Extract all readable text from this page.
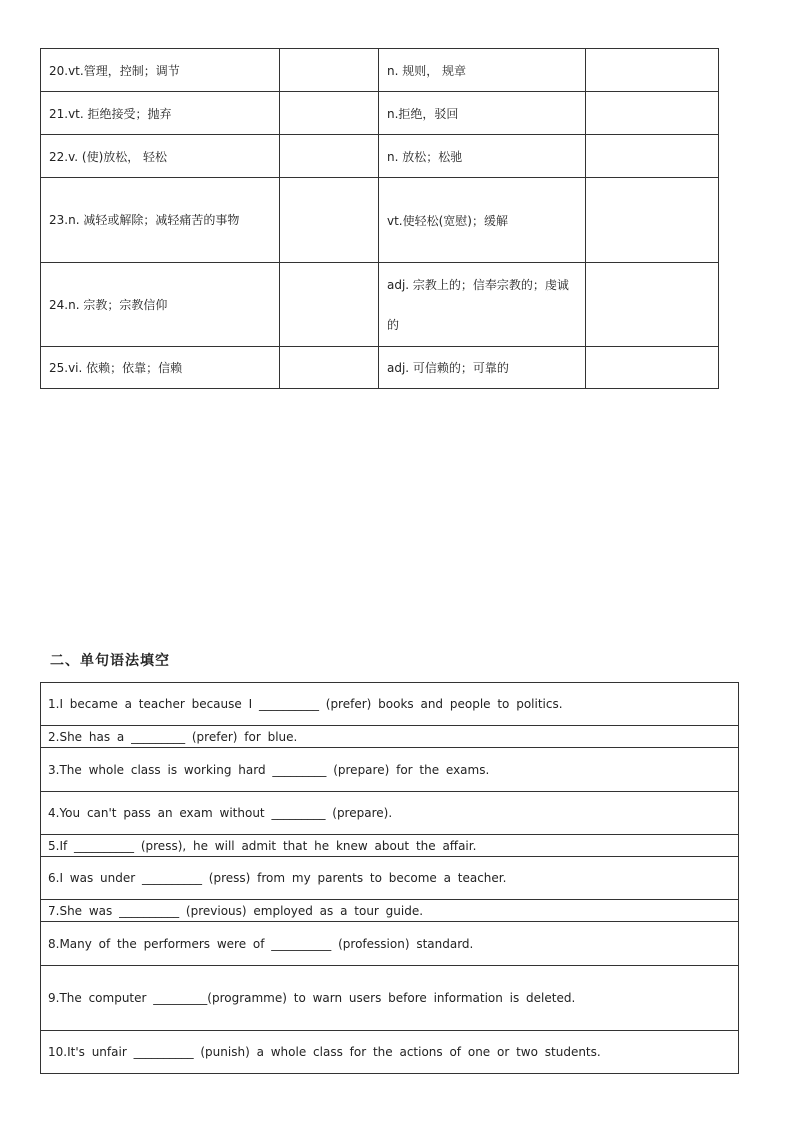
20.vt.管理，控制；调节		n. 规则， 规章	
21.vt. 拒绝接受；抛弃		n.拒绝，驳回	
22.v. (使)放松， 轻松		n. 放松；松驰	
23.n. 减轻或解除；减轻痛苦的事物		vt.使轻松(宽慰)；缓解	
24.n. 宗教；宗教信仰		adj. 宗教上的；信奉宗教的；虔诚的	
25.vi. 依赖；依靠；信赖		adj. 可信赖的；可靠的	
二、单句语法填空
1.I became a teacher because I __________ (prefer) books and people to politics.
2.She has a _________ (prefer) for blue.
3.The whole class is working hard _________ (prepare) for the exams.
4.You can't pass an exam without _________ (prepare).
5.If __________ (press), he will admit that he knew about the affair.
6.I was under __________ (press) from my parents to become a teacher.
7.She was __________ (previous) employed as a tour guide.
8.Many of the performers were of __________ (profession) standard.
9.The computer _________(programme) to warn users before information is deleted.
10.It's unfair __________ (punish) a whole class for the actions of one or two students.
